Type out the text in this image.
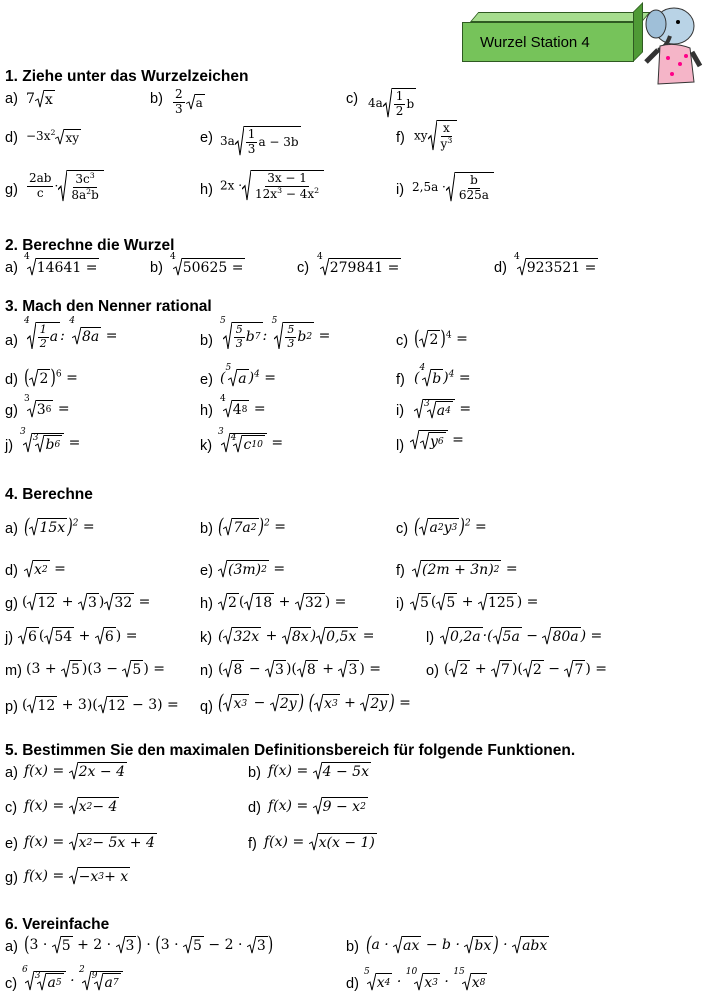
Wurzel Station 4
1. Ziehe unter das Wurzelzeichen
a) 7 x	$b) \frac{2}{3}$ a	c) $4a \frac{1}{2}$ b
$d) -3x^2$ xy	e) $3a \frac{1}{3}$ a − 3b	f) xy $\frac{x}{y^3}$
$g) \frac{2ab}{c} \cdot \frac{3c^3}{8a^2b}$	h) $2x \cdot \frac{3x - 1}{12x^3 - 4x^2}$	i) $2,5a \cdot \frac{b}{625a}$
2. Berechne die Wurzel
a)
$^4$
14641 =	b)
$^4$
50625 =	c)
$^4$
279841 =	d)
$^4$
923521 =
3. Mach den Nenner rational
a)
$^4$
$\frac{1}{2}$ a : $^4$
8a =	b)
$^5$
$\frac{5}{3}$ b 7 : $^5$
$\frac{5}{3}$ b 2 =	c) ( 2 )$^4$ =
d) ( 2 )$^6$ =	e) ($^5$
a )$^4$ =	f) ($^4$
b )$^4$ =
g)
$^3$
3 6 =	h)
$^4$
4 8 =	i) 3 a 4 =
j)
$^3$
3 b 6 =	k)
$^3$
4 c 10 =	l) y 6 =
4. Berechne
a) ( 15x )$^2$ =	b) ( 7a 2 )$^2$ =	c) ( a 2 y 3 )$^2$ =
d) x 2 =	e) (3m) 2 =	f) (2m + 3n) 2 =
g) ( 12 + 3 ) 32 =	h) 2 ( 18 + 32 ) =	i) 5 ( 5 + 125 ) =
j) 6 ( 54 + 6 ) =	k) ( 32x + 8x ) 0,5x =	l) 0,2a ·( 5a − 80a ) =
m) (3 + 5 )(3 − 5 ) = n) ( 8 − 3 )( 8 + 3 ) =	o) ( 2 + 7 )( 2 − 7 ) =
p) ( 12 + 3)( 12 − 3) = q) ( x 3 − 2y ) ( x 3 + 2y ) =
5. Bestimmen Sie den maximalen Definitionsbereich für folgende Funktionen.
a) f(x) = 2x − 4	b) f(x) = 4 − 5x
c) f(x) = x 2 − 4	d) f(x) = 9 − x 2
e) f(x) = x 2 − 5x + 4	f) f(x) = x(x − 1)
g) f(x) = −x 3 + x
6. Vereinfache
a) (3 · 5 + 2 · 3 ) · (3 · 5 − 2 · 3 )	b) (a · ax − b · bx ) · abx
c)
$^6$
3 a 5 · $^2$
9 a 7	d)
$^5$
x 4 · $^{10}$
x 3 · $^{15}$
x 8
